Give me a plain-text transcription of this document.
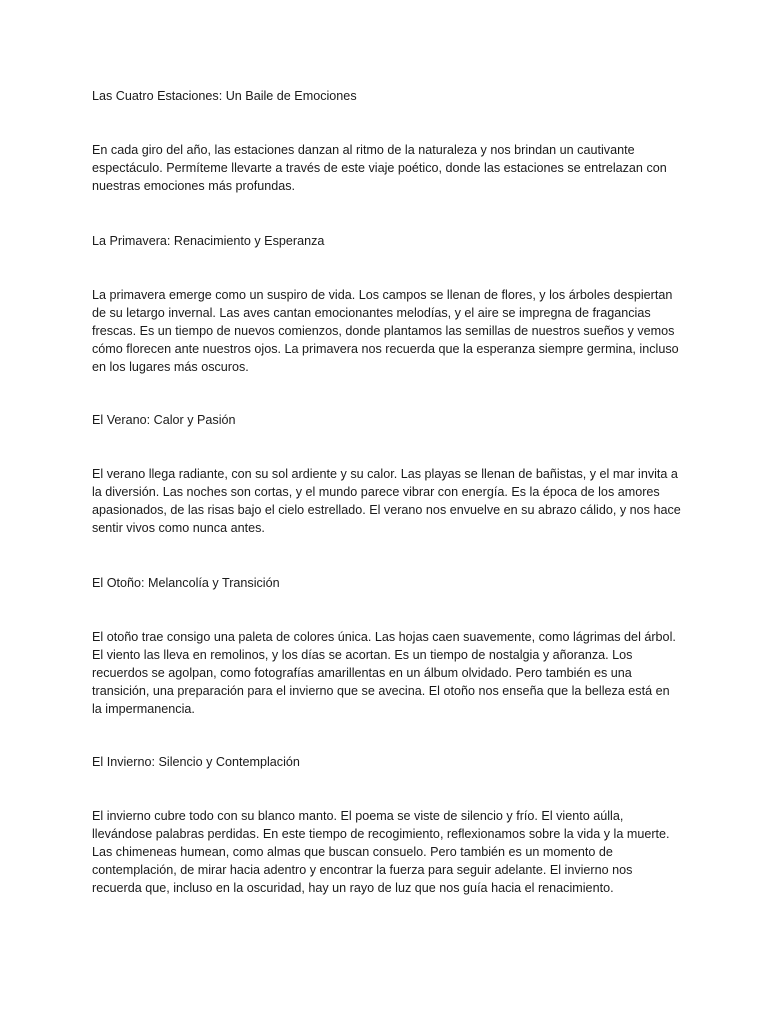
Las Cuatro Estaciones: Un Baile de Emociones

En cada giro del año, las estaciones danzan al ritmo de la naturaleza y nos brindan un cautivante espectáculo. Permíteme llevarte a través de este viaje poético, donde las estaciones se entrelazan con nuestras emociones más profundas.

La Primavera: Renacimiento y Esperanza

La primavera emerge como un suspiro de vida. Los campos se llenan de flores, y los árboles despiertan de su letargo invernal. Las aves cantan emocionantes melodías, y el aire se impregna de fragancias frescas. Es un tiempo de nuevos comienzos, donde plantamos las semillas de nuestros sueños y vemos cómo florecen ante nuestros ojos. La primavera nos recuerda que la esperanza siempre germina, incluso en los lugares más oscuros.

El Verano: Calor y Pasión

El verano llega radiante, con su sol ardiente y su calor. Las playas se llenan de bañistas, y el mar invita a la diversión. Las noches son cortas, y el mundo parece vibrar con energía. Es la época de los amores apasionados, de las risas bajo el cielo estrellado. El verano nos envuelve en su abrazo cálido, y nos hace sentir vivos como nunca antes.

El Otoño: Melancolía y Transición

El otoño trae consigo una paleta de colores única. Las hojas caen suavemente, como lágrimas del árbol. El viento las lleva en remolinos, y los días se acortan. Es un tiempo de nostalgia y añoranza. Los recuerdos se agolpan, como fotografías amarillentas en un álbum olvidado. Pero también es una transición, una preparación para el invierno que se avecina. El otoño nos enseña que la belleza está en la impermanencia.

El Invierno: Silencio y Contemplación

El invierno cubre todo con su blanco manto. El poema se viste de silencio y frío. El viento aúlla, llevándose palabras perdidas. En este tiempo de recogimiento, reflexionamos sobre la vida y la muerte. Las chimeneas humean, como almas que buscan consuelo. Pero también es un momento de contemplación, de mirar hacia adentro y encontrar la fuerza para seguir adelante. El invierno nos recuerda que, incluso en la oscuridad, hay un rayo de luz que nos guía hacia el renacimiento.
